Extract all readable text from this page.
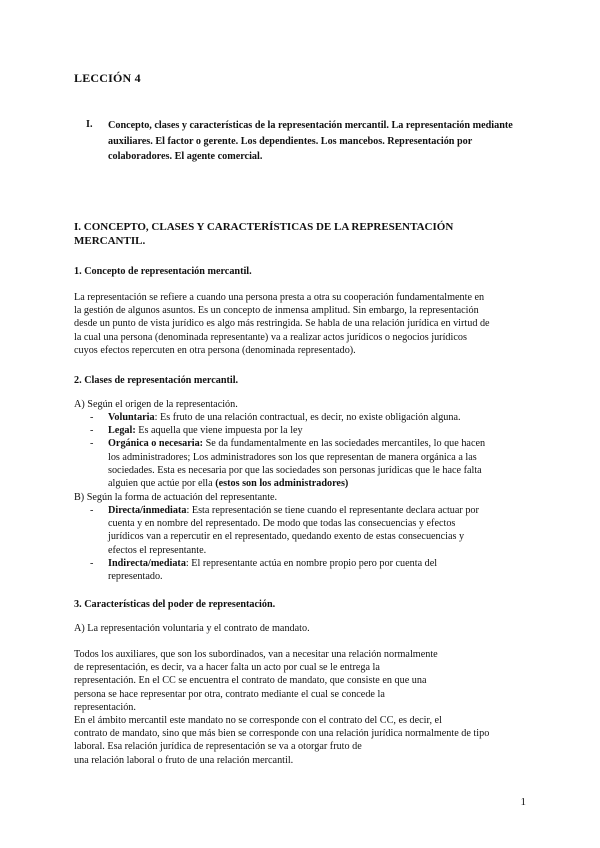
LECCIÓN 4
I. Concepto, clases y características de la representación mercantil. La representación mediante auxiliares. El factor o gerente. Los dependientes. Los mancebos. Representación por colaboradores. El agente comercial.
I. CONCEPTO, CLASES Y CARACTERÍSTICAS DE LA REPRESENTACIÓN MERCANTIL.
1. Concepto de representación mercantil.
La representación se refiere a cuando una persona presta a otra su cooperación fundamentalmente en
la gestión de algunos asuntos. Es un concepto de inmensa amplitud. Sin embargo, la representación
desde un punto de vista jurídico es algo más restringida. Se habla de una relación jurídica en virtud de
la cual una persona (denominada representante) va a realizar actos jurídicos o negocios jurídicos
cuyos efectos repercuten en otra persona (denominada representado).
2. Clases de representación mercantil.
A) Según el origen de la representación.
- Voluntaria: Es fruto de una relación contractual, es decir, no existe obligación alguna.
- Legal: Es aquella que viene impuesta por la ley
- Orgánica o necesaria: Se da fundamentalmente en las sociedades mercantiles, lo que hacen
los administradores; Los administradores son los que representan de manera orgánica a las
sociedades. Esta es necesaria por que las sociedades son personas jurídicas que le hace falta
alguien que actúe por ella (estos son los administradores)
B) Según la forma de actuación del representante.
- Directa/inmediata: Esta representación se tiene cuando el representante declara actuar por
cuenta y en nombre del representado. De modo que todas las consecuencias y efectos
jurídicos van a repercutir en el representado, quedando exento de estas consecuencias y
efectos el representante.
- Indirecta/mediata: El representante actúa en nombre propio pero por cuenta del
representado.
3. Características del poder de representación.
A) La representación voluntaria y el contrato de mandato.
Todos los auxiliares, que son los subordinados, van a necesitar una relación normalmente
de representación, es decir, va a hacer falta un acto por cual se le entrega la
representación. En el CC se encuentra el contrato de mandato, que consiste en que una
persona se hace representar por otra, contrato mediante el cual se concede la
representación.
En el ámbito mercantil este mandato no se corresponde con el contrato del CC, es decir, el
contrato de mandato, sino que más bien se corresponde con una relación jurídica normalmente de tipo
laboral. Esa relación jurídica de representación se va a otorgar fruto de
una relación laboral o fruto de una relación mercantil.
1
